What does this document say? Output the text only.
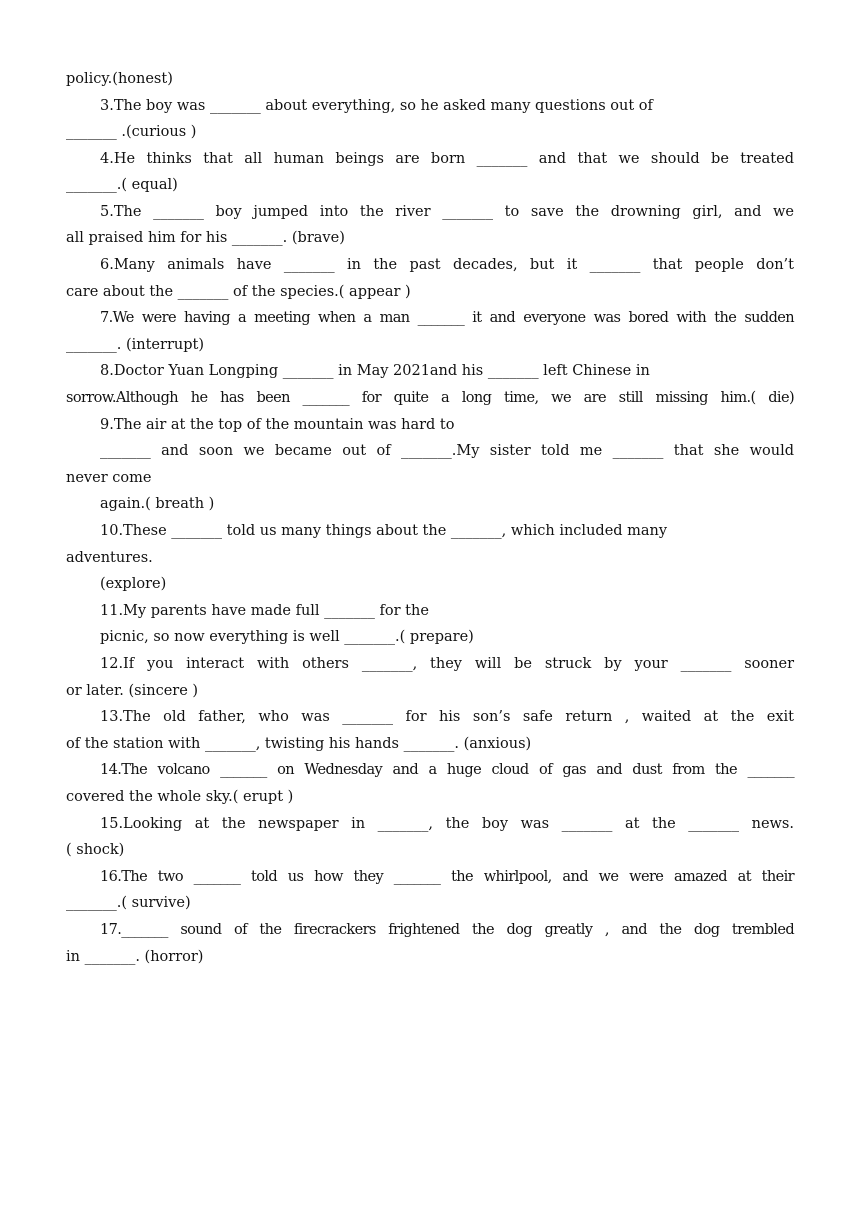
policy.(honest)
3.The boy was _______ about everything, so he asked many questions out of
_______ .(curious )
4.He thinks that all human beings are born _______ and that we should be treated
_______.( equal)
5.The _______ boy jumped into the river _______ to save the drowning girl, and we
all praised him for his _______. (brave)
6.Many animals have _______ in the past decades, but it _______ that people don’t
care about the _______ of the species.( appear )
7.We were having a meeting when a man _______ it and everyone was bored with the sudden
_______. (interrupt)
8.Doctor Yuan Longping _______ in May 2021and his _______ left Chinese in
sorrow.Although he has been _______ for quite a long time, we are still missing him.( die)
9.The air at the top of the mountain was hard to
_______ and soon we became out of _______.My sister told me _______ that she would
never come
again.( breath )
10.These _______ told us many things about the _______, which included many
adventures.
(explore)
11.My parents have made full _______ for the
picnic, so now everything is well _______.( prepare)
12.If you interact with others _______, they will be struck by your _______ sooner
or later. (sincere )
13.The old father, who was _______ for his son’s safe return , waited at the exit
of the station with _______, twisting his hands _______. (anxious)
14.The volcano _______ on Wednesday and a huge cloud of gas and dust from the _______
covered the whole sky.( erupt )
15.Looking at the newspaper in _______, the boy was _______ at the _______ news.
( shock)
16.The two _______ told us how they _______ the whirlpool, and we were amazed at their
_______.( survive)
17._______ sound of the firecrackers frightened the dog greatly , and the dog trembled
in _______. (horror)
